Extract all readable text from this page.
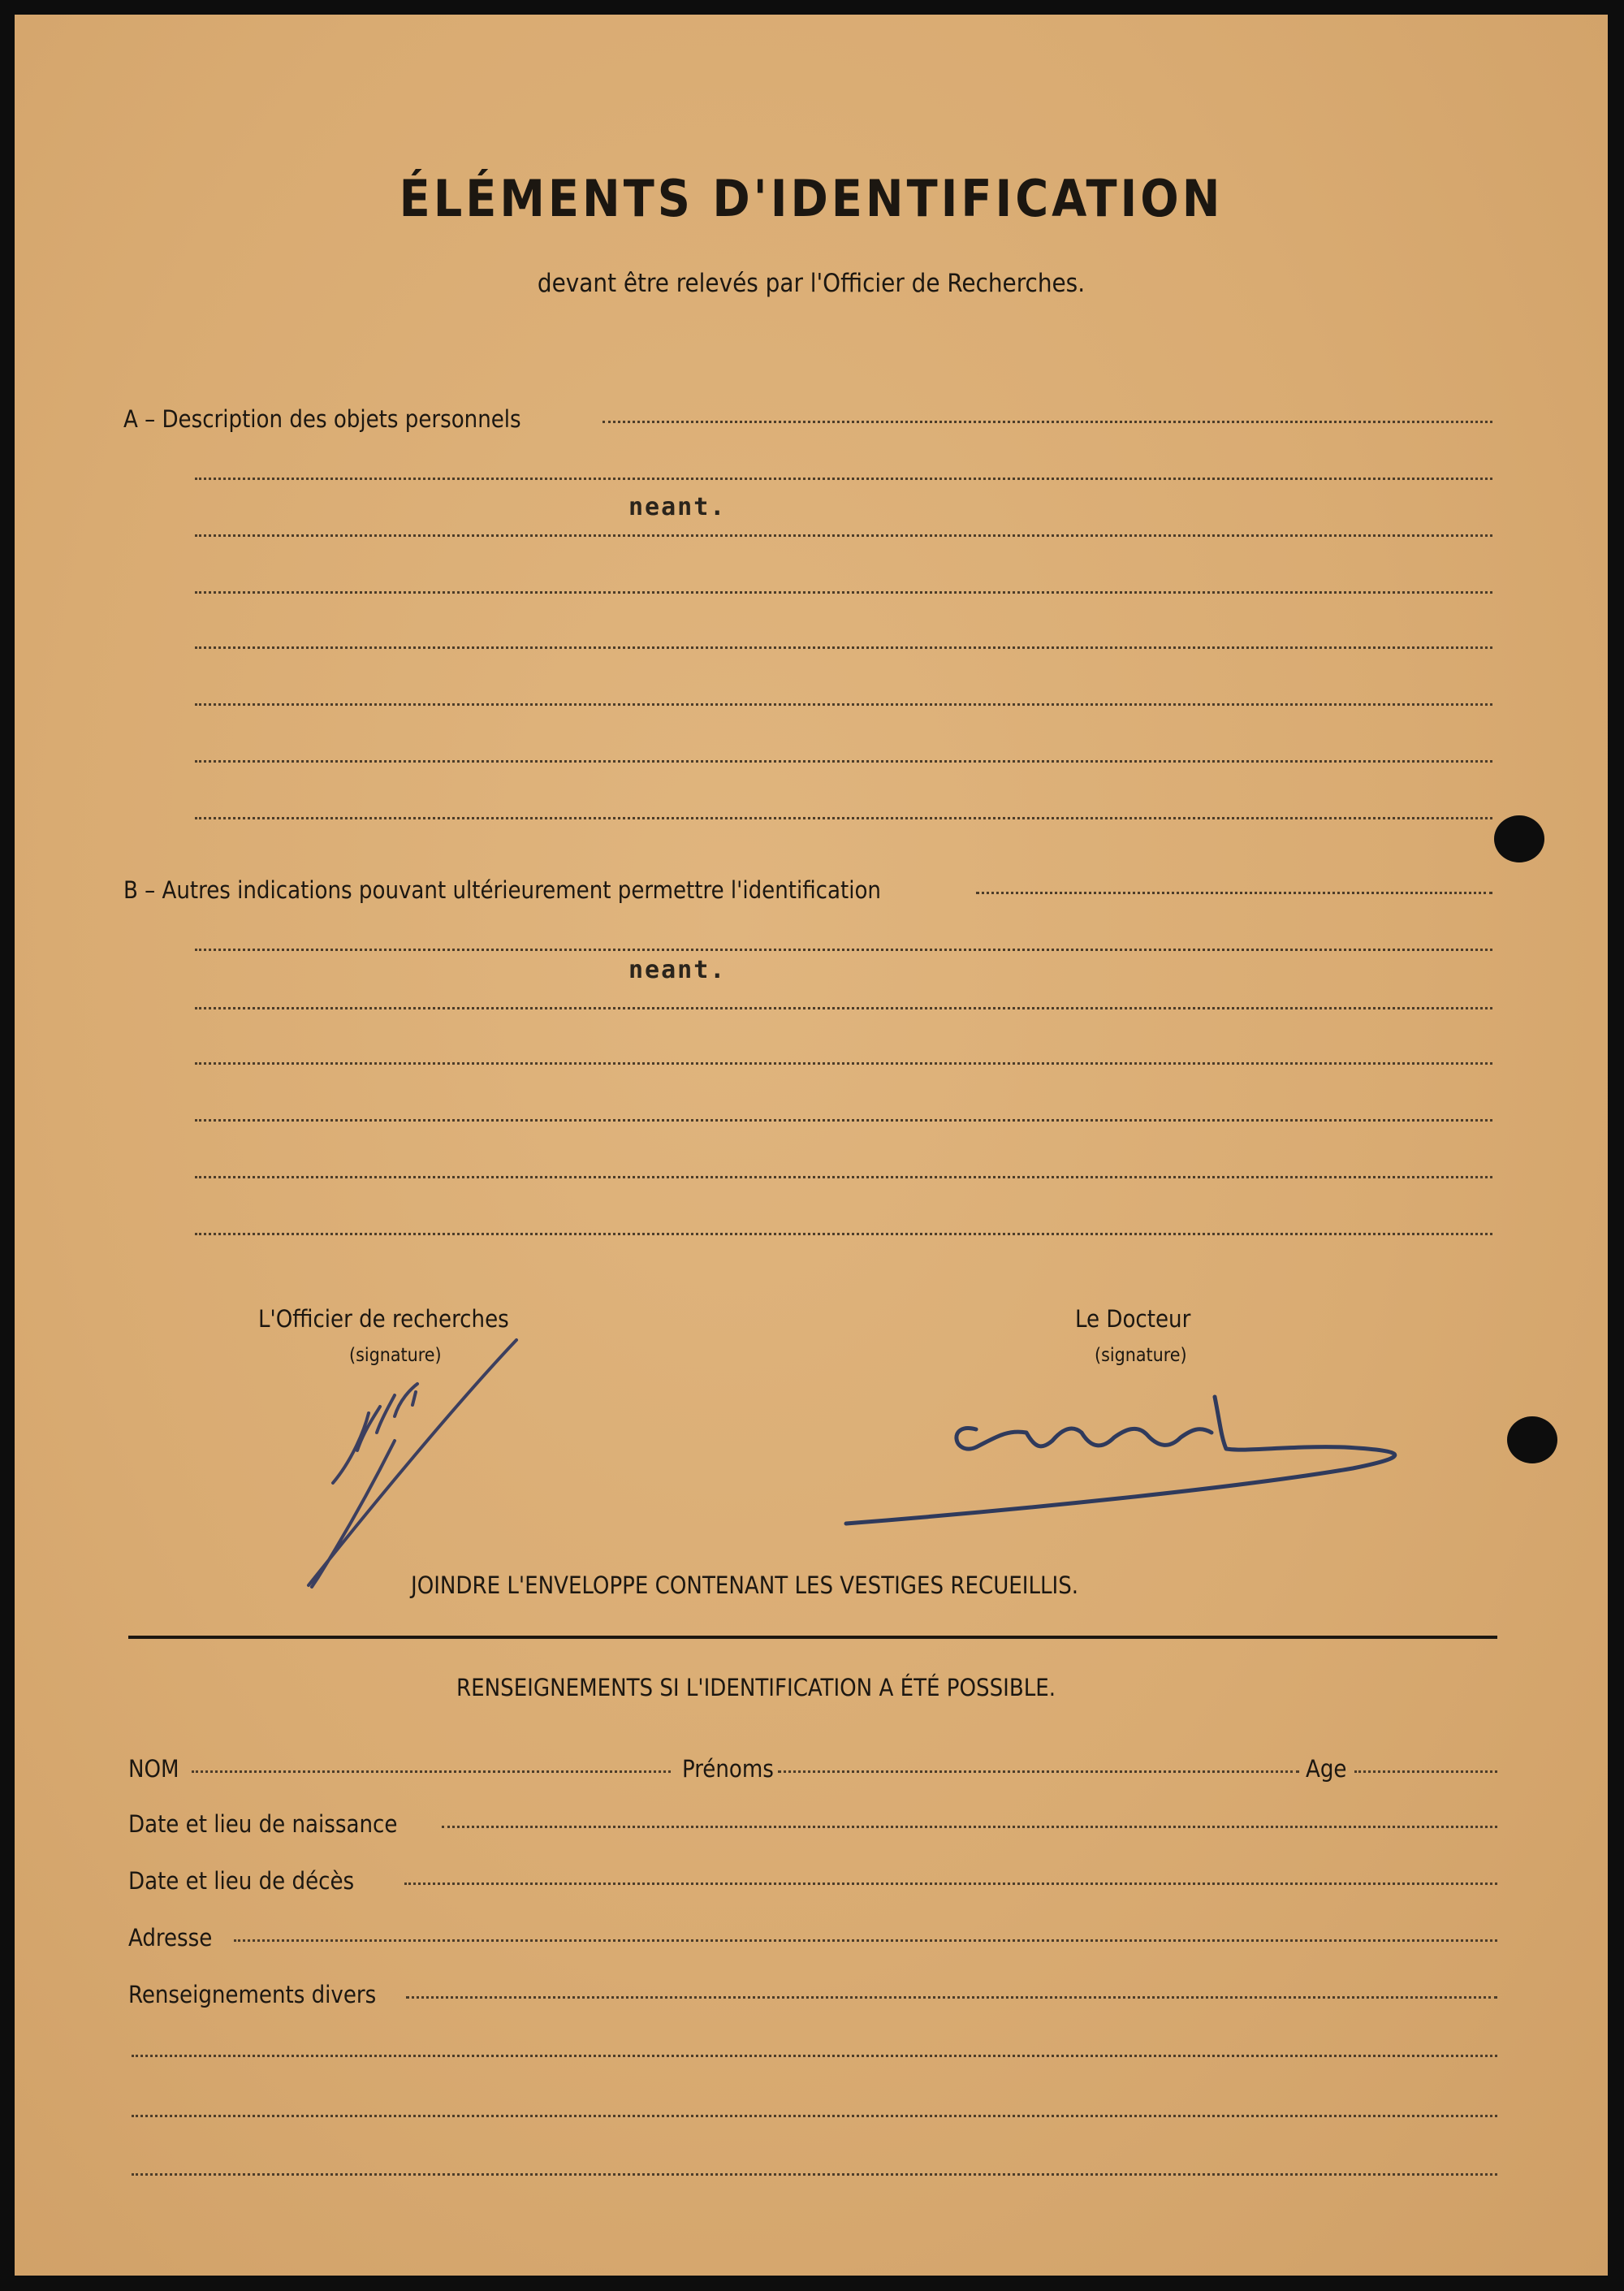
ÉLÉMENTS D'IDENTIFICATION
devant être relevés par l'Officier de Recherches.
A – Description des objets personnels
neant.
B – Autres indications pouvant ultérieurement permettre l'identification
neant.
L'Officier de recherches
(signature)
Le Docteur
(signature)
JOINDRE L'ENVELOPPE CONTENANT LES VESTIGES RECUEILLIS.
RENSEIGNEMENTS SI L'IDENTIFICATION A ÉTÉ POSSIBLE.
NOM	Prénoms	Age
Date et lieu de naissance
Date et lieu de décès
Adresse
Renseignements divers
